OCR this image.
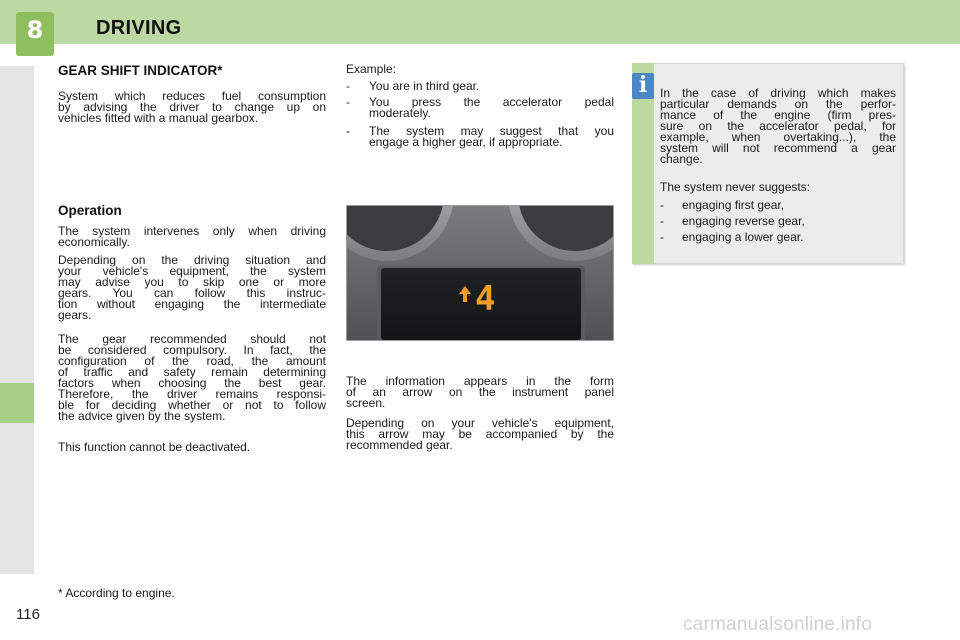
8	DRIVING
116
GEAR SHIFT INDICATOR*
System which reduces fuel consumption
by advising the driver to change up on
vehicles fitted with a manual gearbox.
Operation
The system intervenes only when driving
economically.
Depending on the driving situation and
your vehicle's equipment, the system
may advise you to skip one or more
gears. You can follow this instruc-
tion without engaging the intermediate
gears.
The gear recommended should not
be considered compulsory. In fact, the
configuration of the road, the amount
of traffic and safety remain determining
factors when choosing the best gear.
Therefore, the driver remains responsi-
ble for deciding whether or not to follow
the advice given by the system.
This function cannot be deactivated.
Example:
- You are in third gear.
- You press the accelerator pedal
moderately.
- The system may suggest that you
engage a higher gear, if appropriate.
4
The information appears in the form
of an arrow on the instrument panel
screen.
Depending on your vehicle's equipment,
this arrow may be accompanied by the
recommended gear.
i	In the case of driving which makes
particular demands on the perfor-
mance of the engine (firm pres-
sure on the accelerator pedal, for
example, when overtaking...), the
system will not recommend a gear
change.
The system never suggests:
- engaging first gear,
- engaging reverse gear,
- engaging a lower gear.
* According to engine.
carmanualsonline.info
